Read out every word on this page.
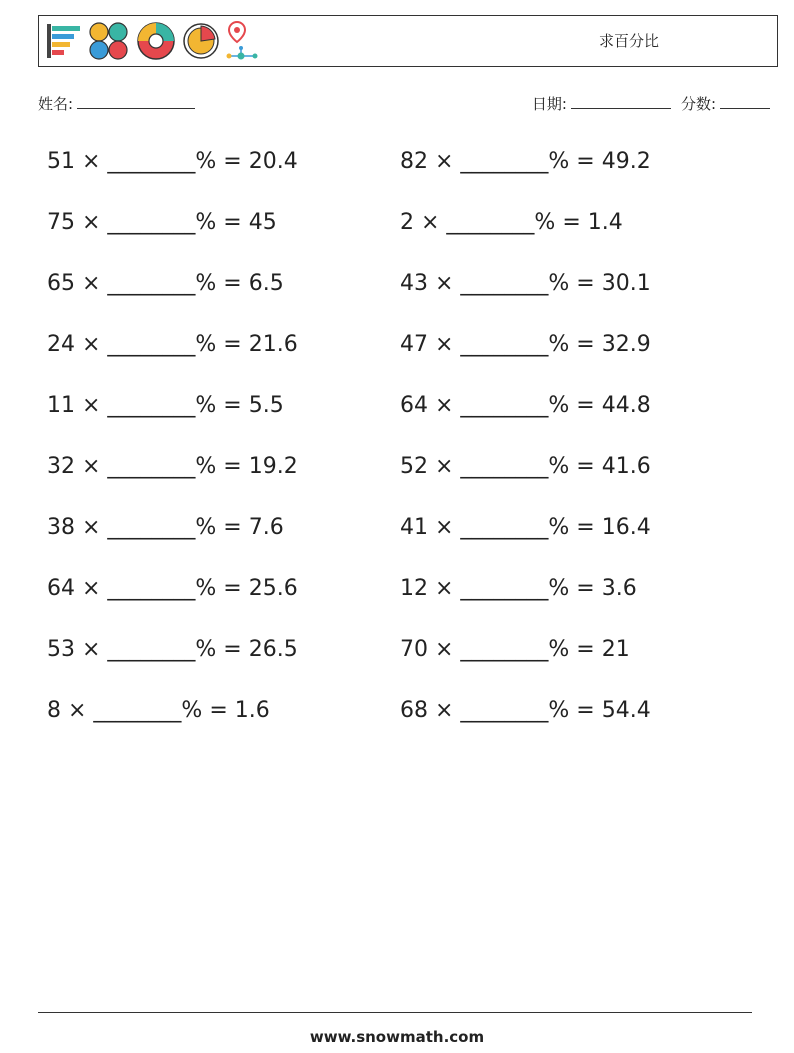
求百分比
姓名:	日期:	分数:
51 × ________% = 20.4	82 × ________% = 49.2
75 × ________% = 45	2 × ________% = 1.4
65 × ________% = 6.5	43 × ________% = 30.1
24 × ________% = 21.6	47 × ________% = 32.9
11 × ________% = 5.5	64 × ________% = 44.8
32 × ________% = 19.2	52 × ________% = 41.6
38 × ________% = 7.6	41 × ________% = 16.4
64 × ________% = 25.6	12 × ________% = 3.6
53 × ________% = 26.5	70 × ________% = 21
8 × ________% = 1.6	68 × ________% = 54.4
www.snowmath.com
